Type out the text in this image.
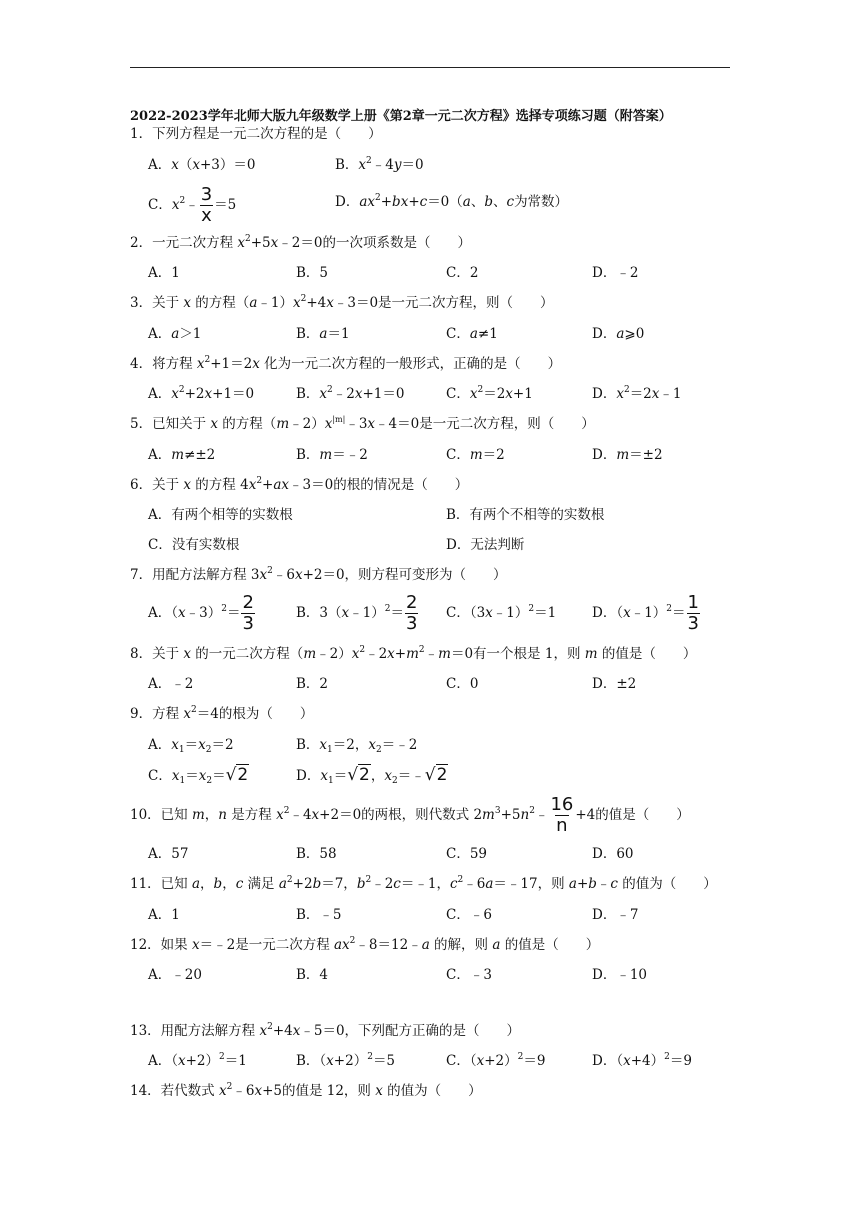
2022-2023学年北师大版九年级数学上册《第2章一元二次方程》选择专项练习题（附答案）
1．下列方程是一元二次方程的是（　　）
A．x（x+3）＝0	B．$x^2﹣4y=0$
C．$x^2﹣ \frac{3}{x} =5$	D．$ax^2+bx+c=0(a$、b、c为常数）
2．一元二次方程 $x^2+5x﹣2=0$的一次项系数是（　　）
A．1	B．5	C．2	D．﹣2
3．关于 x 的方程$(a﹣1)x^2+4x﹣3=0$是一元二次方程，则（　　）
A．a＞1	B．a＝1	C．a≠1	D．a⩾0
4．将方程 $x^2+1=2x$ 化为一元二次方程的一般形式，正确的是（　　）
A．$x^2+2x+1=0$	B．$x^2﹣2x+1=0$	C．$x^2=2x+1$	D．$x^2=2x﹣1$
5．已知关于 x 的方程$(m﹣2)x^{|m|}﹣3x﹣4=0$是一元二次方程，则（　　）
A．m≠±2	B．m＝﹣2	C．m＝2	D．m＝±2
6．关于 x 的方程 $4x^2+ax﹣3=0$的根的情况是（　　）
A．有两个相等的实数根	B．有两个不相等的实数根
C．没有实数根	D．无法判断
7．用配方法解方程 $3x^2﹣6x+2=0$，则方程可变形为（　　）
A．（x﹣3）$^2$＝ $\frac{2}{3}$	B．3（x﹣1）$^2$＝ $\frac{2}{3}$ C．（3x﹣1）$^2$＝1	D．（x﹣1）$^2$＝ $\frac{1}{3}$
8．关于 x 的一元二次方程$(m﹣2)x^2﹣2x+m^2﹣m=0$有一个根是 1，则 m 的值是（　　）
A．﹣2	B．2	C．0	D．±2
9．方程 $x^2=4$的根为（　　）
A．$x_1=x_2=2$	B．$x_1=2$，$x_2=﹣2$
C．$x_1=x_2=√2$	D．$x_1=√2$，$x_2=﹣√2$
10．已知 m，n 是方程 $x^2﹣4x+2=0$的两根，则代数式 $2m^3+5n^2﹣ \frac{16}{n} +4$的值是（　　）
A．57	B．58	C．59	D．60
11．已知 a，b，c 满足 $a^2+2b=7$，$b^2﹣2c=﹣1$，$c^2﹣6a=﹣17$，则 a+b﹣c 的值为（　　）
A．1	B．﹣5	C．﹣6	D．﹣7
12．如果 x＝﹣2是一元二次方程 $ax^2﹣8=12﹣a$ 的解，则 a 的值是（　　）
A．﹣20	B．4	C．﹣3	D．﹣10
13．用配方法解方程 $x^2+4x﹣5=0$，下列配方正确的是（　　）
A．$(x+2)^2=1$	B．$(x+2)^2=5$	C．$(x+2)^2=9$	D．$(x+4)^2=9$
14．若代数式 $x^2﹣6x+5$的值是 12，则 x 的值为（　　）
